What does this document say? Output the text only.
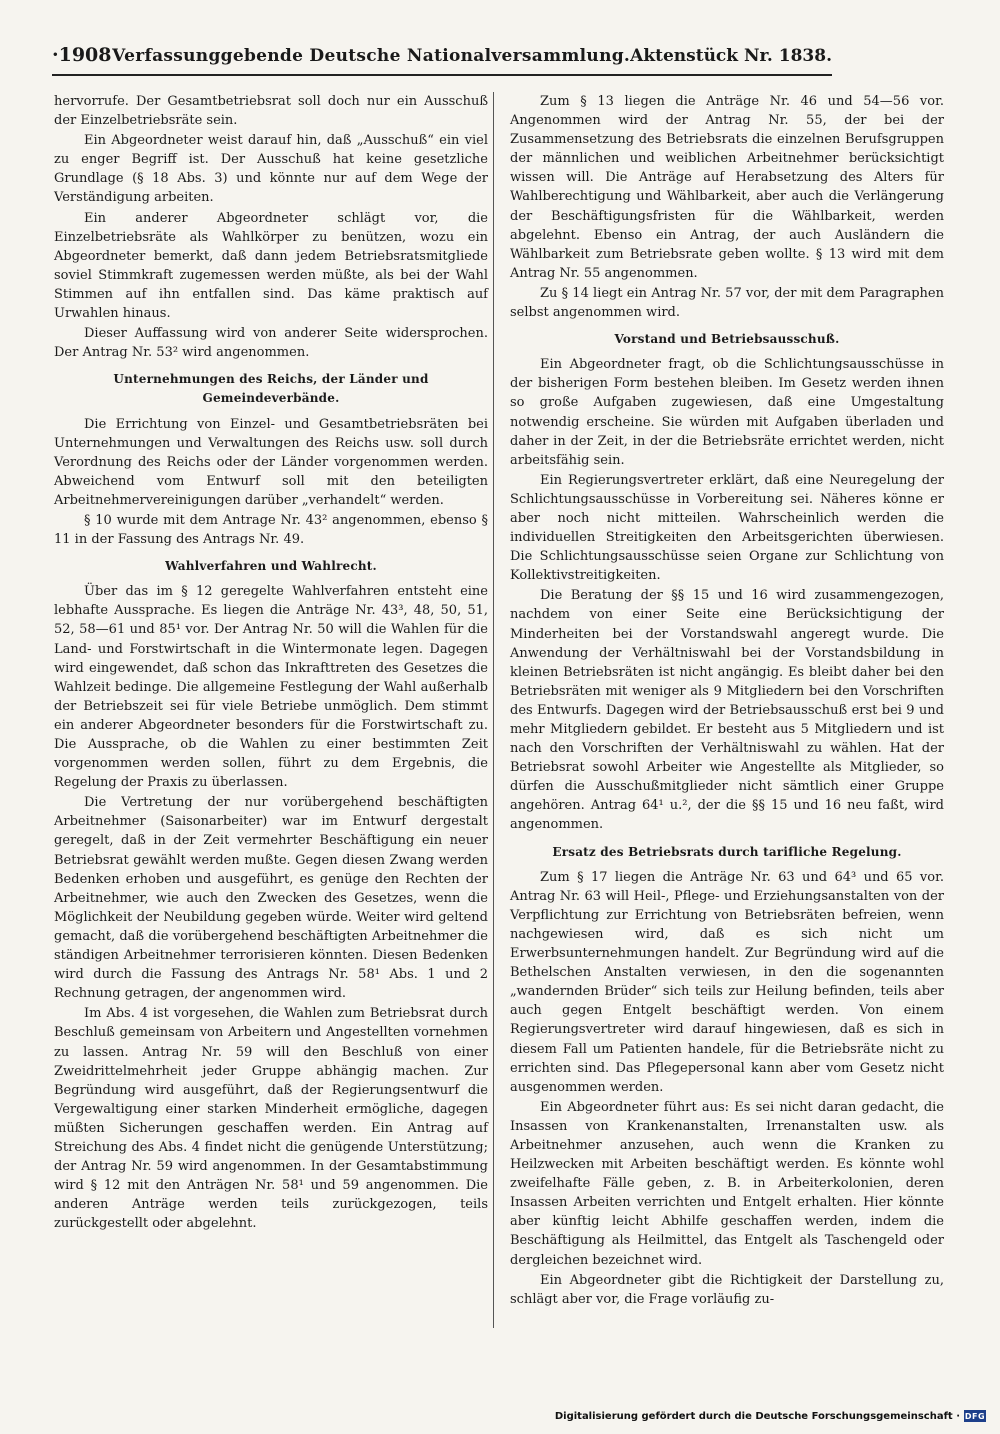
·1908 Verfassunggebende Deutsche Nationalversammlung. Aktenstück Nr. 1838.

hervorrufe. Der Gesamtbetriebsrat soll doch nur ein Ausschuß der Einzelbetriebsräte sein.

Ein Abgeordneter weist darauf hin, daß „Ausschuß“ ein viel zu enger Begriff ist. Der Ausschuß hat keine gesetzliche Grundlage (§ 18 Abs. 3) und könnte nur auf dem Wege der Verständigung arbeiten.

Ein anderer Abgeordneter schlägt vor, die Einzelbetriebsräte als Wahlkörper zu benützen, wozu ein Abgeordneter bemerkt, daß dann jedem Betriebsratsmitgliede soviel Stimmkraft zugemessen werden müßte, als bei der Wahl Stimmen auf ihn entfallen sind. Das käme praktisch auf Urwahlen hinaus.

Dieser Auffassung wird von anderer Seite widersprochen. Der Antrag Nr. 53² wird angenommen.

Unternehmungen des Reichs, der Länder und Gemeindeverbände.

Die Errichtung von Einzel- und Gesamtbetriebsräten bei Unternehmungen und Verwaltungen des Reichs usw. soll durch Verordnung des Reichs oder der Länder vorgenommen werden. Abweichend vom Entwurf soll mit den beteiligten Arbeitnehmervereinigungen darüber „verhandelt“ werden.

§ 10 wurde mit dem Antrage Nr. 43² angenommen, ebenso § 11 in der Fassung des Antrags Nr. 49.

Wahlverfahren und Wahlrecht.

Über das im § 12 geregelte Wahlverfahren entsteht eine lebhafte Aussprache. Es liegen die Anträge Nr. 43³, 48, 50, 51, 52, 58—61 und 85¹ vor. Der Antrag Nr. 50 will die Wahlen für die Land- und Forstwirtschaft in die Wintermonate legen. Dagegen wird eingewendet, daß schon das Inkrafttreten des Gesetzes die Wahlzeit bedinge. Die allgemeine Festlegung der Wahl außerhalb der Betriebszeit sei für viele Betriebe unmöglich. Dem stimmt ein anderer Abgeordneter besonders für die Forstwirtschaft zu. Die Aussprache, ob die Wahlen zu einer bestimmten Zeit vorgenommen werden sollen, führt zu dem Ergebnis, die Regelung der Praxis zu überlassen.

Die Vertretung der nur vorübergehend beschäftigten Arbeitnehmer (Saisonarbeiter) war im Entwurf dergestalt geregelt, daß in der Zeit vermehrter Beschäftigung ein neuer Betriebsrat gewählt werden mußte. Gegen diesen Zwang werden Bedenken erhoben und ausgeführt, es genüge den Rechten der Arbeitnehmer, wie auch den Zwecken des Gesetzes, wenn die Möglichkeit der Neubildung gegeben würde. Weiter wird geltend gemacht, daß die vorübergehend beschäftigten Arbeitnehmer die ständigen Arbeitnehmer terrorisieren könnten. Diesen Bedenken wird durch die Fassung des Antrags Nr. 58¹ Abs. 1 und 2 Rechnung getragen, der angenommen wird.

Im Abs. 4 ist vorgesehen, die Wahlen zum Betriebsrat durch Beschluß gemeinsam von Arbeitern und Angestellten vornehmen zu lassen. Antrag Nr. 59 will den Beschluß von einer Zweidrittelmehrheit jeder Gruppe abhängig machen. Zur Begründung wird ausgeführt, daß der Regierungsentwurf die Vergewaltigung einer starken Minderheit ermögliche, dagegen müßten Sicherungen geschaffen werden. Ein Antrag auf Streichung des Abs. 4 findet nicht die genügende Unterstützung; der Antrag Nr. 59 wird angenommen. In der Gesamtabstimmung wird § 12 mit den Anträgen Nr. 58¹ und 59 angenommen. Die anderen Anträge werden teils zurückgezogen, teils zurückgestellt oder abgelehnt.

Zum § 13 liegen die Anträge Nr. 46 und 54—56 vor. Angenommen wird der Antrag Nr. 55, der bei der Zusammensetzung des Betriebsrats die einzelnen Berufsgruppen der männlichen und weiblichen Arbeitnehmer berücksichtigt wissen will. Die Anträge auf Herabsetzung des Alters für Wahlberechtigung und Wählbarkeit, aber auch die Verlängerung der Beschäftigungsfristen für die Wählbarkeit, werden abgelehnt. Ebenso ein Antrag, der auch Ausländern die Wählbarkeit zum Betriebsrate geben wollte. § 13 wird mit dem Antrag Nr. 55 angenommen.

Zu § 14 liegt ein Antrag Nr. 57 vor, der mit dem Paragraphen selbst angenommen wird.

Vorstand und Betriebsausschuß.

Ein Abgeordneter fragt, ob die Schlichtungsausschüsse in der bisherigen Form bestehen bleiben. Im Gesetz werden ihnen so große Aufgaben zugewiesen, daß eine Umgestaltung notwendig erscheine. Sie würden mit Aufgaben überladen und daher in der Zeit, in der die Betriebsräte errichtet werden, nicht arbeitsfähig sein.

Ein Regierungsvertreter erklärt, daß eine Neuregelung der Schlichtungsausschüsse in Vorbereitung sei. Näheres könne er aber noch nicht mitteilen. Wahrscheinlich werden die individuellen Streitigkeiten den Arbeitsgerichten überwiesen. Die Schlichtungsausschüsse seien Organe zur Schlichtung von Kollektivstreitigkeiten.

Die Beratung der §§ 15 und 16 wird zusammengezogen, nachdem von einer Seite eine Berücksichtigung der Minderheiten bei der Vorstandswahl angeregt wurde. Die Anwendung der Verhältniswahl bei der Vorstandsbildung in kleinen Betriebsräten ist nicht angängig. Es bleibt daher bei den Betriebsräten mit weniger als 9 Mitgliedern bei den Vorschriften des Entwurfs. Dagegen wird der Betriebsausschuß erst bei 9 und mehr Mitgliedern gebildet. Er besteht aus 5 Mitgliedern und ist nach den Vorschriften der Verhältniswahl zu wählen. Hat der Betriebsrat sowohl Arbeiter wie Angestellte als Mitglieder, so dürfen die Ausschußmitglieder nicht sämtlich einer Gruppe angehören. Antrag 64¹ u.², der die §§ 15 und 16 neu faßt, wird angenommen.

Ersatz des Betriebsrats durch tarifliche Regelung.

Zum § 17 liegen die Anträge Nr. 63 und 64³ und 65 vor. Antrag Nr. 63 will Heil-, Pflege- und Erziehungsanstalten von der Verpflichtung zur Errichtung von Betriebsräten befreien, wenn nachgewiesen wird, daß es sich nicht um Erwerbsunternehmungen handelt. Zur Begründung wird auf die Bethelschen Anstalten verwiesen, in den die sogenannten „wandernden Brüder“ sich teils zur Heilung befinden, teils aber auch gegen Entgelt beschäftigt werden. Von einem Regierungsvertreter wird darauf hingewiesen, daß es sich in diesem Fall um Patienten handele, für die Betriebsräte nicht zu errichten sind. Das Pflegepersonal kann aber vom Gesetz nicht ausgenommen werden.

Ein Abgeordneter führt aus: Es sei nicht daran gedacht, die Insassen von Krankenanstalten, Irrenanstalten usw. als Arbeitnehmer anzusehen, auch wenn die Kranken zu Heilzwecken mit Arbeiten beschäftigt werden. Es könnte wohl zweifelhafte Fälle geben, z. B. in Arbeiterkolonien, deren Insassen Arbeiten verrichten und Entgelt erhalten. Hier könnte aber künftig leicht Abhilfe geschaffen werden, indem die Beschäftigung als Heilmittel, das Entgelt als Taschengeld oder dergleichen bezeichnet wird.

Ein Abgeordneter gibt die Richtigkeit der Darstellung zu, schlägt aber vor, die Frage vorläufig zu-

Digitalisierung gefördert durch die Deutsche Forschungsgemeinschaft · DFG
